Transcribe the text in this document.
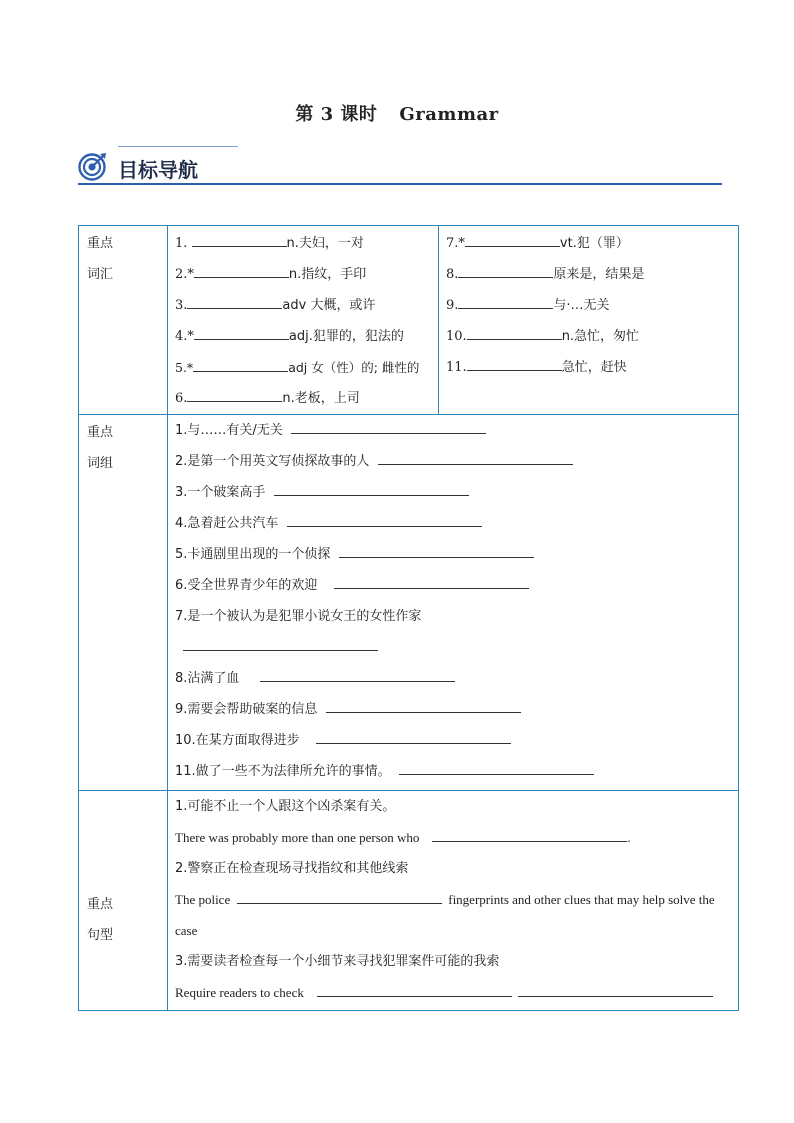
第 3 课时 Grammar
目标导航
重点
词汇

1.	n.夫妇，一对
2.*	n.指纹，手印
3.	adv 大概，或许
4.*	adj.犯罪的，犯法的
5.*	adj 女（性）的; 雌性的
6.	n.老板，上司

7.*	vt.犯（罪）
8.	原来是，结果是
9.	与·…无关
10.	n.急忙，匆忙
11.	急忙，赶快

重点
词组

1.与……有关/无关
2.是第一个用英文写侦探故事的人
3.一个破案高手
4.急着赶公共汽车
5.卡通剧里出现的一个侦探
6.受全世界青少年的欢迎
7.是一个被认为是犯罪小说女王的女性作家

8.沾满了血
9.需要会帮助破案的信息
10.在某方面取得进步
11.做了一些不为法律所允许的事情。

重点
句型

1.可能不止一个人跟这个凶杀案有关。
There was probably more than one person who	.
2.警察正在检查现场寻找指纹和其他线索
The police	fingerprints and other clues that may help solve the
case
3.需要读者检查每一个小细节来寻找犯罪案件可能的我索
Require readers to check
